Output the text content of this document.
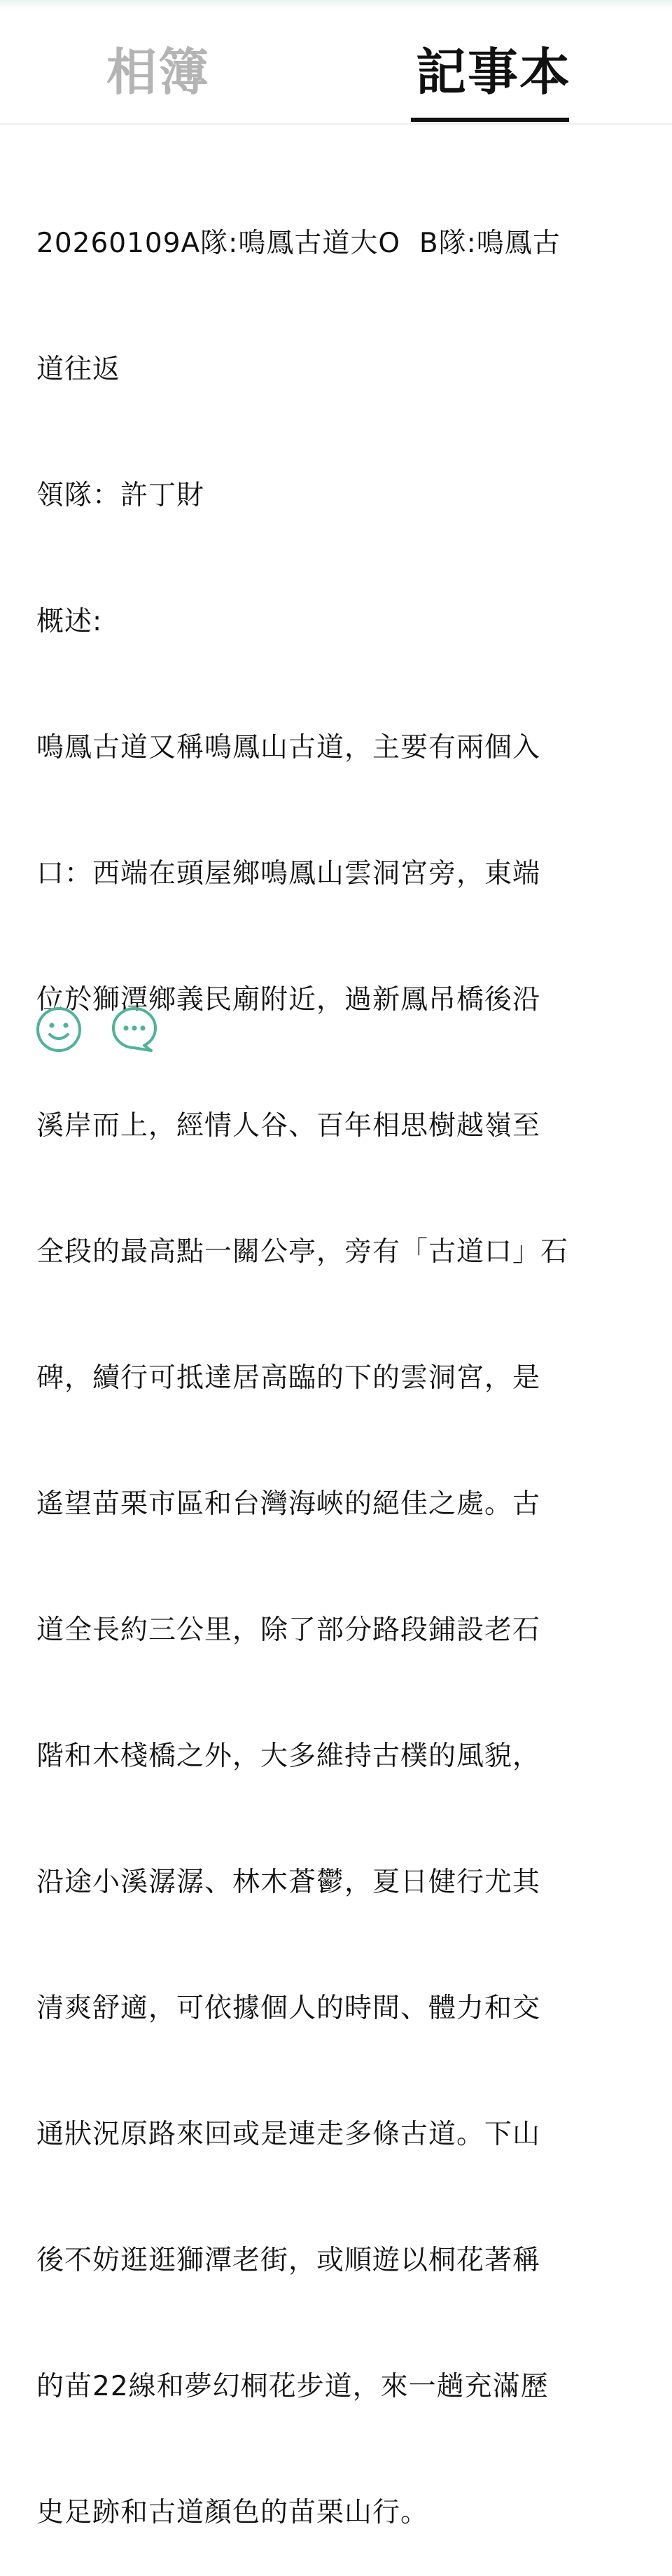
相簿	記事本

20260109A隊:鳴鳳古道大O  B隊:鳴鳳古

道往返

領隊：許丁財

概述:

鳴鳳古道又稱鳴鳳山古道，主要有兩個入

口：西端在頭屋鄉鳴鳳山雲洞宮旁，東端

位於獅潭鄉義民廟附近，過新鳳吊橋後沿

溪岸而上，經情人谷、百年相思樹越嶺至

全段的最高點一關公亭，旁有「古道口」石

碑，續行可抵達居高臨的下的雲洞宮，是

遙望苗栗市區和台灣海峽的絕佳之處。古

道全長約三公里，除了部分路段鋪設老石

階和木棧橋之外，大多維持古樸的風貌，

沿途小溪潺潺、林木蒼鬱，夏日健行尤其

清爽舒適，可依據個人的時間、體力和交

通狀況原路來回或是連走多條古道。下山

後不妨逛逛獅潭老街，或順遊以桐花著稱

的苗22線和夢幻桐花步道，來一趟充滿歷

史足跡和古道顏色的苗栗山行。
